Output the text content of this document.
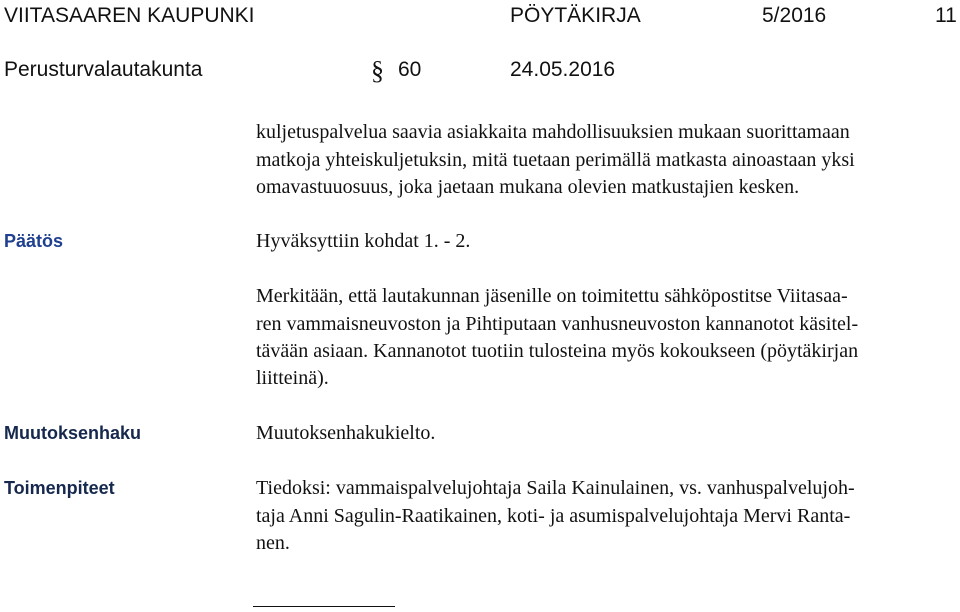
VIITASAAREN KAUPUNKI	PÖYTÄKIRJA	5/2016	11
Perusturvalautakunta	§ 60	24.05.2016
kuljetuspalvelua saavia asiakkaita mahdollisuuksien mukaan suorittamaan
matkoja yhteiskuljetuksin, mitä tuetaan perimällä matkasta ainoastaan yksi
omavastuuosuus, joka jaetaan mukana olevien matkustajien kesken.
Päätös	Hyväksyttiin kohdat 1. - 2.
Merkitään, että lautakunnan jäsenille on toimitettu sähköpostitse Viitasaa-
ren vammaisneuvoston ja Pihtiputaan vanhusneuvoston kannanotot käsitel-
tävään asiaan. Kannanotot tuotiin tulosteina myös kokoukseen (pöytäkirjan
liitteinä).
Muutoksenhaku	Muutoksenhakukielto.
Toimenpiteet	Tiedoksi: vammaispalvelujohtaja Saila Kainulainen, vs. vanhuspalvelujoh-
taja Anni Sagulin-Raatikainen, koti- ja asumispalvelujohtaja Mervi Ranta-
nen.
